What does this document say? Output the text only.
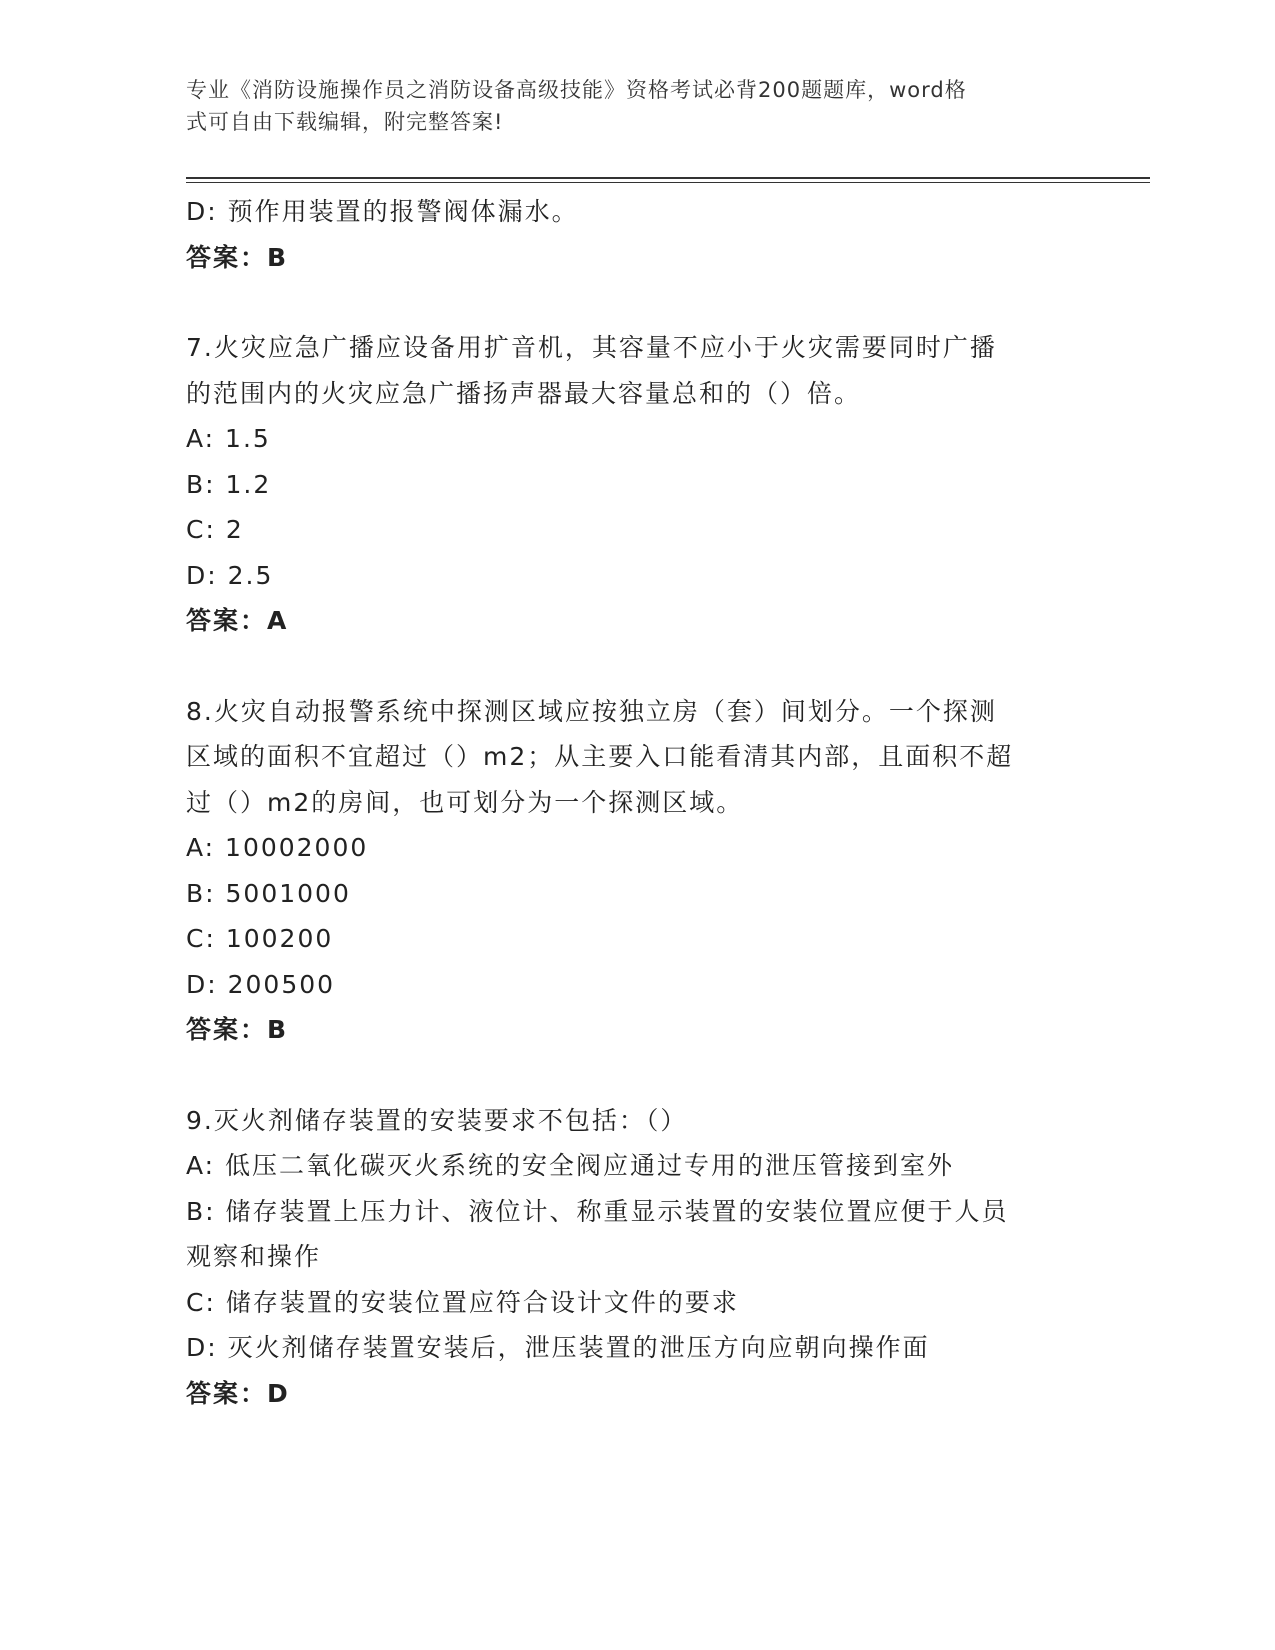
专业《消防设施操作员之消防设备高级技能》资格考试必背200题题库，word格
式可自由下载编辑，附完整答案!
D: 预作用装置的报警阀体漏水。
答案：B
7.火灾应急广播应设备用扩音机，其容量不应小于火灾需要同时广播
的范围内的火灾应急广播扬声器最大容量总和的（）倍。
A: 1.5
B: 1.2
C: 2
D: 2.5
答案：A
8.火灾自动报警系统中探测区域应按独立房（套）间划分。一个探测
区域的面积不宜超过（）m2；从主要入口能看清其内部，且面积不超
过（）m2的房间，也可划分为一个探测区域。
A: 10002000
B: 5001000
C: 100200
D: 200500
答案：B
9.灭火剂储存装置的安装要求不包括：（）
A: 低压二氧化碳灭火系统的安全阀应通过专用的泄压管接到室外
B: 储存装置上压力计、液位计、称重显示装置的安装位置应便于人员
观察和操作
C: 储存装置的安装位置应符合设计文件的要求
D: 灭火剂储存装置安装后，泄压装置的泄压方向应朝向操作面
答案：D
